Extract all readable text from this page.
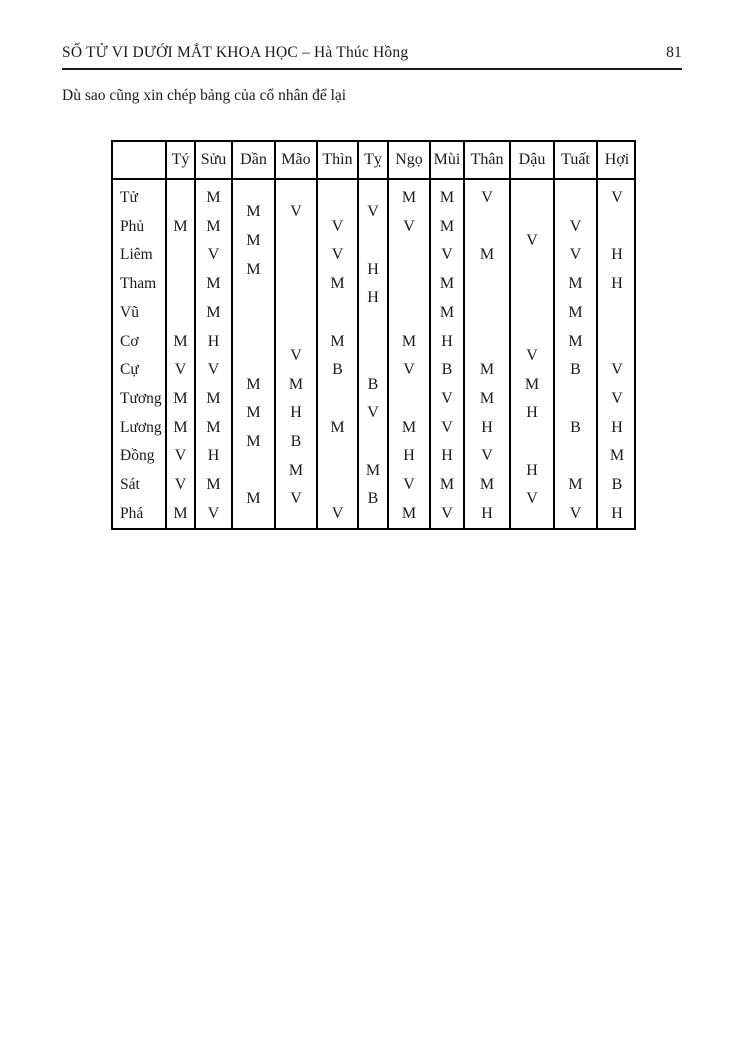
SỐ TỬ VI DƯỚI MẮT KHOA HỌC – Hà Thúc Hồng	81
Dù sao cũng xin chép bảng của cổ nhân để lại
Tý Sửu Dần Mão Thìn Tỵ Ngọ Mùi Thân Dậu Tuất Hợi
Tử
Phủ
Liêm
Tham
Vũ
Cơ
Cự
Tương
Lương
Đồng
Sát
Phá
M
M
V
M
M
V
V
M
M
M
V
M
M
H
V
M
M
H
M
V
M
M
M
M
M
M
M
V
V
M
H
B
M
V
V
V
M
M
B
M
V
V
H
H
B
V
M
B
M
V
M
V
M
H
V
M
M
M
V
M
M
H
B
V
V
H
M
V
V
M
M
M
H
V
M
H
V
V
M
H
H
V
V
V
M
M
M
B
B
M
V
V
H
H
V
V
H
M
B
H
